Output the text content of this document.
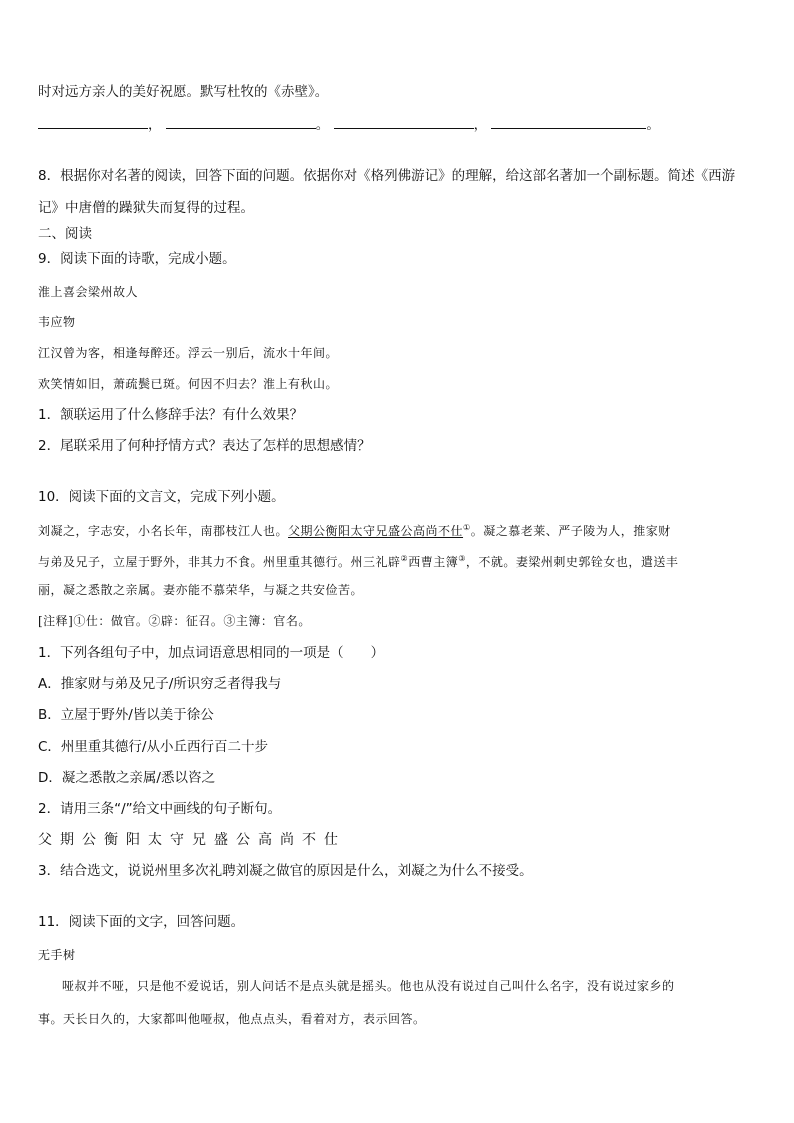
时对远方亲人的美好祝愿。默写杜牧的《赤壁》。
，	。	，	。
8．根据你对名著的阅读，回答下面的问题。依据你对《格列佛游记》的理解，给这部名著加一个副标题。简述《西游
记》中唐僧的躁狱失而复得的过程。
二、阅读
9．阅读下面的诗歌，完成小题。
淮上喜会梁州故人
韦应物
江汉曾为客，相逢每醉还。浮云一别后，流水十年间。
欢笑情如旧，萧疏鬓已斑。何因不归去？淮上有秋山。
1．颔联运用了什么修辞手法？有什么效果？
2．尾联采用了何种抒情方式？表达了怎样的思想感情？
10．阅读下面的文言文，完成下列小题。
刘凝之，字志安，小名长年，南郡枝江人也。父期公衡阳太守兄盛公高尚不仕①。凝之慕老莱、严子陵为人，推家财
与弟及兄子，立屋于野外，非其力不食。州里重其德行。州三礼辟②西曹主簿③，不就。妻梁州刺史郭铨女也，遣送丰
丽，凝之悉散之亲属。妻亦能不慕荣华，与凝之共安俭苦。
[注释]①仕：做官。②辟：征召。③主簿：官名。
1．下列各组句子中，加点词语意思相同的一项是（　　）
A．推家财与弟及兄子/所识穷乏者得我与
B．立屋于野外/皆以美于徐公
C．州里重其德行/从小丘西行百二十步
D．凝之悉散之亲属/悉以咨之
2．请用三条“/”给文中画线的句子断句。
父期公衡阳太守兄盛公高尚不仕
3．结合选文，说说州里多次礼聘刘凝之做官的原因是什么，刘凝之为什么不接受。
11．阅读下面的文字，回答问题。
无手树
哑叔并不哑，只是他不爱说话，别人问话不是点头就是摇头。他也从没有说过自己叫什么名字，没有说过家乡的
事。天长日久的，大家都叫他哑叔，他点点头，看着对方，表示回答。
